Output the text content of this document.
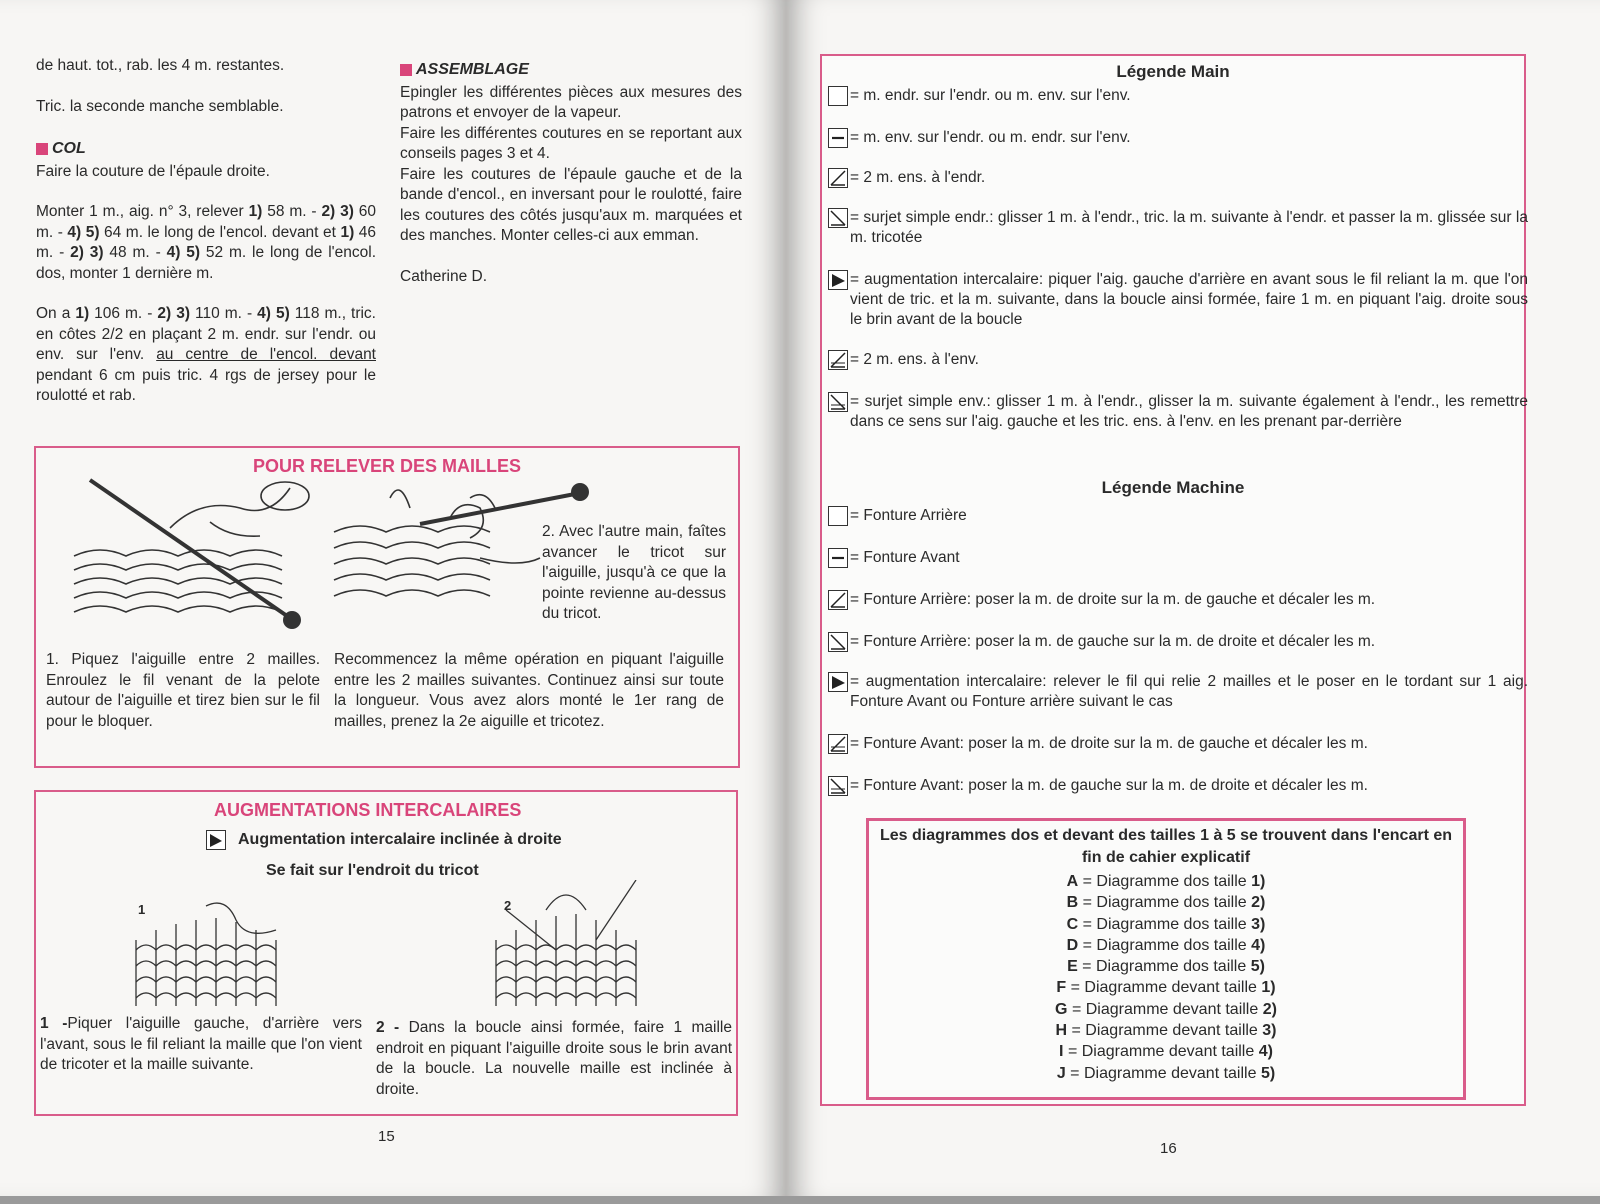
de haut. tot., rab. les 4 m. restantes.

Tric. la seconde manche semblable.

COL

Faire la couture de l'épaule droite.

Monter 1 m., aig. n° 3, relever 1) 58 m. - 2) 3) 60 m. - 4) 5) 64 m. le long de l'encol. devant et 1) 46 m. - 2) 3) 48 m. - 4) 5) 52 m. le long de l'encol. dos, monter 1 dernière m.

On a 1) 106 m. - 2) 3) 110 m. - 4) 5) 118 m., tric. en côtes 2/2 en plaçant 2 m. endr. sur l'endr. ou env. sur l'env. au centre de l'encol. devant pendant 6 cm puis tric. 4 rgs de jersey pour le roulotté et rab.

ASSEMBLAGE
Epingler les différentes pièces aux mesures des patrons et envoyer de la vapeur.
Faire les différentes coutures en se reportant aux conseils pages 3 et 4.
Faire les coutures de l'épaule gauche et de la bande d'encol., en inversant pour le roulotté, faire les coutures des côtés jusqu'aux m. marquées et des manches. Monter celles-ci aux emman.
Catherine D.
POUR RELEVER DES MAILLES
2. Avec l'autre main, faîtes avancer le tricot sur l'aiguille, jusqu'à ce que la pointe revienne au-dessus du tricot.
1. Piquez l'aiguille entre 2 mailles. Enroulez le fil venant de la pelote autour de l'aiguille et tirez bien sur le fil pour le bloquer.
Recommencez la même opération en piquant l'aiguille entre les 2 mailles suivantes. Continuez ainsi sur toute la longueur. Vous avez alors monté le 1er rang de mailles, prenez la 2e aiguille et tricotez.
AUGMENTATIONS INTERCALAIRES
Augmentation intercalaire inclinée à droite
Se fait sur l'endroit du tricot
1	2
1 -Piquer l'aiguille gauche, d'arrière vers l'avant, sous le fil reliant la maille que l'on vient de tricoter et la maille suivante.
2 - Dans la boucle ainsi formée, faire 1 maille endroit en piquant l'aiguille droite sous le brin avant de la boucle. La nouvelle maille est inclinée à droite.
15
Légende Main
= m. endr. sur l'endr. ou m. env. sur l'env.
= m. env. sur l'endr. ou m. endr. sur l'env.
= 2 m. ens. à l'endr.
= surjet simple endr.: glisser 1 m. à l'endr., tric. la m. suivante à l'endr. et passer la m. glissée sur la m. tricotée
= augmentation intercalaire: piquer l'aig. gauche d'arrière en avant sous le fil reliant la m. que l'on vient de tric. et la m. suivante, dans la boucle ainsi formée, faire 1 m. en piquant l'aig. droite sous le brin avant de la boucle
= 2 m. ens. à l'env.
= surjet simple env.: glisser 1 m. à l'endr., glisser la m. suivante également à l'endr., les remettre dans ce sens sur l'aig. gauche et les tric. ens. à l'env. en les prenant par-derrière
Légende Machine
= Fonture Arrière
= Fonture Avant
= Fonture Arrière: poser la m. de droite sur la m. de gauche et décaler les m.
= Fonture Arrière: poser la m. de gauche sur la m. de droite et décaler les m.
= augmentation intercalaire: relever le fil qui relie 2 mailles et le poser en le tordant sur 1 aig. Fonture Avant ou Fonture arrière suivant le cas
= Fonture Avant: poser la m. de droite sur la m. de gauche et décaler les m.
= Fonture Avant: poser la m. de gauche sur la m. de droite et décaler les m.
Les diagrammes dos et devant des tailles 1 à 5 se trouvent dans l'encart en fin de cahier explicatif
A = Diagramme dos taille 1)
B = Diagramme dos taille 2)
C = Diagramme dos taille 3)
D = Diagramme dos taille 4)
E = Diagramme dos taille 5)
F = Diagramme devant taille 1)
G = Diagramme devant taille 2)
H = Diagramme devant taille 3)
I = Diagramme devant taille 4)
J = Diagramme devant taille 5)
16
